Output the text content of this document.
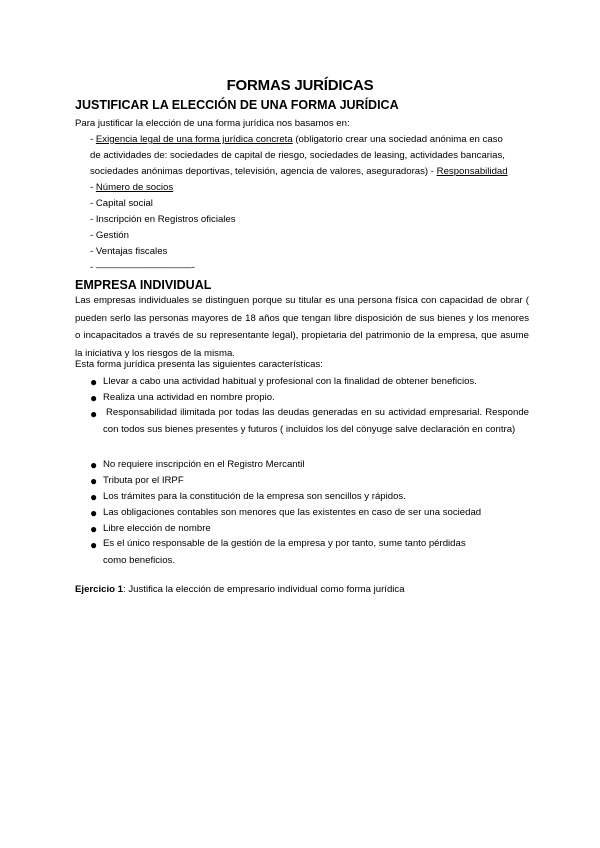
FORMAS JURÍDICAS
JUSTIFICAR LA ELECCIÓN DE UNA FORMA JURÍDICA
Para justificar la elección de una forma jurídica nos basamos en:
- Exigencia legal de una forma jurídica concreta (obligatorio crear una sociedad anónima en caso
de actividades de: sociedades de capital de riesgo, sociedades de leasing, actividades bancarias,
sociedades anónimas deportivas, televisión, agencia de valores, aseguradoras) - Responsabilidad
- Número de socios
- Capital social
- Inscripción en Registros oficiales
- Gestión
- Ventajas fiscales
- ——————————-
EMPRESA INDIVIDUAL
Las empresas individuales se distinguen porque su titular es una persona física con capacidad de obrar ( pueden serlo las personas mayores de 18 años que tengan libre disposición de sus bienes y los menores o incapacitados a través de su representante legal), propietaria del patrimonio de la empresa, que asume la iniciativa y los riesgos de la misma.
Esta forma jurídica presenta las siguientes características:
● Llevar a cabo una actividad habitual y profesional con la finalidad de obtener beneficios.
● Realiza una actividad en nombre propio.
● Responsabilidad ilimitada por todas las deudas generadas en su actividad empresarial. Responde con todos sus bienes presentes y futuros ( incluidos los del cónyuge salve declaración en contra)
● No requiere inscripción en el Registro Mercantil
● Tributa por el IRPF
● Los trámites para la constitución de la empresa son sencillos y rápidos.
● Las obligaciones contables son menores que las existentes en caso de ser una sociedad
● Libre elección de nombre
● Es el único responsable de la gestión de la empresa y por tanto, sume tanto pérdidas como beneficios.
Ejercicio 1: Justifica la elección de empresario individual como forma jurídica
